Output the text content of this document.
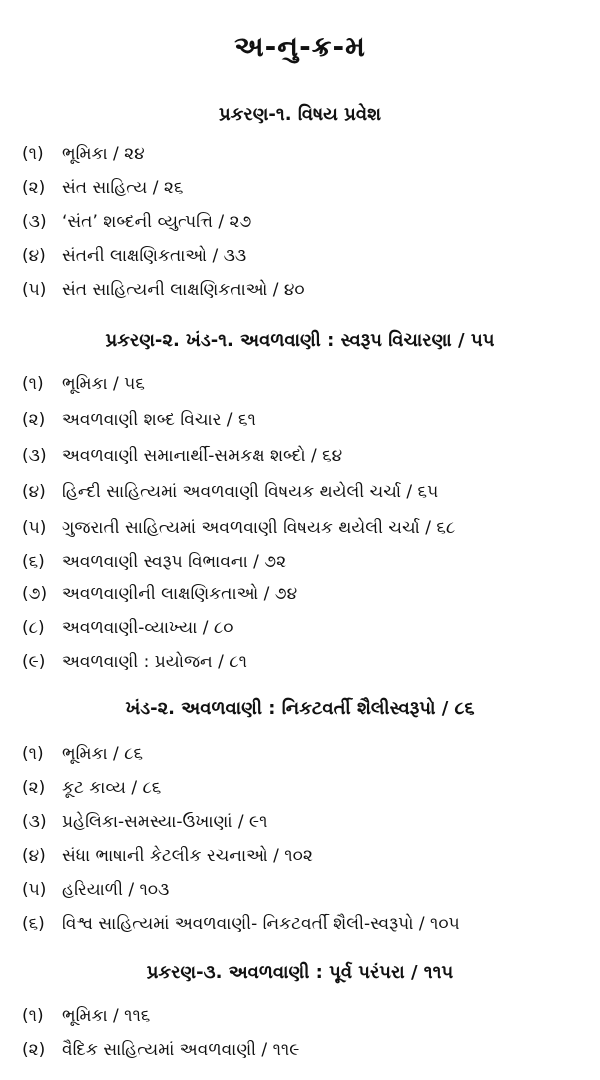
અ-નુ-ક્ર-મ
પ્રકરણ-૧. વિષય પ્રવેશ
(૧) ભૂમિકા / ૨૪
(૨) સંત સાહિત્ય / ૨૬
(૩) ‘સંત’ શબ્દની વ્યુત્પત્તિ / ૨૭
(૪) સંતની લાક્ષણિકતાઓ / ૩૩
(૫) સંત સાહિત્યની લાક્ષણિકતાઓ / ૪૦
પ્રકરણ-૨. ખંડ-૧. અવળવાણી : સ્વરૂપ વિચારણા / ૫૫
(૧) ભૂમિકા / ૫૬
(૨) અવળવાણી શબ્દ વિચાર / ૬૧
(૩) અવળવાણી સમાનાર્થી-સમકક્ષ શબ્દો / ૬૪
(૪) હિન્દી સાહિત્યમાં અવળવાણી વિષયક થયેલી ચર્ચા / ૬૫
(૫) ગુજરાતી સાહિત્યમાં અવળવાણી વિષયક થયેલી ચર્ચા / ૬૮
(૬) અવળવાણી સ્વરૂપ વિભાવના / ૭૨
(૭) અવળવાણીની લાક્ષણિકતાઓ / ૭૪
(૮) અવળવાણી-વ્યાખ્યા / ૮૦
(૯) અવળવાણી : પ્રયોજન / ૮૧
ખંડ-૨. અવળવાણી : નિકટવર્તી શૈલીસ્વરૂપો / ૮૬
(૧) ભૂમિકા / ૮૬
(૨) કૂટ કાવ્ય / ૮૬
(૩) પ્રહેલિકા-સમસ્યા-ઉખાણાં / ૯૧
(૪) સંધા ભાષાની કેટલીક રચનાઓ / ૧૦૨
(૫) હરિયાળી / ૧૦૩
(૬) વિશ્વ સાહિત્યમાં અવળવાણી- નિકટવર્તી શૈલી-સ્વરૂપો / ૧૦૫
પ્રકરણ-૩. અવળવાણી : પૂર્વ પરંપરા / ૧૧૫
(૧) ભૂમિકા / ૧૧૬
(૨) વૈદિક સાહિત્યમાં અવળવાણી / ૧૧૯
